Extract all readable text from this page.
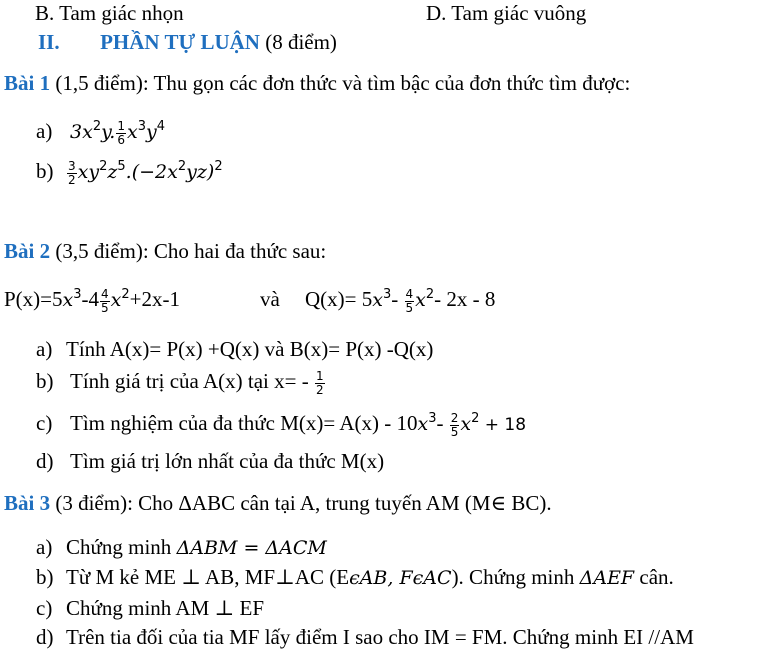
B. Tam giác nhọn	D. Tam giác vuông
II. PHẦN TỰ LUẬN (8 điểm)
Bài 1 (1,5 điểm): Thu gọn các đơn thức và tìm bậc của đơn thức tìm được:
a) $3x^2y$. $\frac{1}{6} x^3y^4$
$b) \frac{3}{2} xy^2z^5.(-2x^2yz)^2$
Bài 2 (3,5 điểm): Cho hai đa thức sau:
$P(x)=5x^3-4 \frac{4}{5} x^2+2x-1$	và $Q(x)= 5x^3- \frac{4}{5} x^2-$ 2x - 8
a) Tính A(x)= P(x) +Q(x) và B(x)= P(x) -Q(x)
b) Tính giá trị của A(x) tại $x= - \frac{1}{2}$
c) Tìm nghiệm của đa thức $M(x)= A(x) - 10x^3- \frac{2}{5} x^2 + 18$
d) Tìm giá trị lớn nhất của đa thức M(x)
Bài 3 (3 điểm): Cho ΔABC cân tại A, trung tuyến AM (M∈ BC).
a) Chứng minh ΔABM = ΔACM
b) Từ M kẻ ME ⊥ AB, MF⊥AC (EϵAB, FϵAC). Chứng minh ΔAEF cân.
c) Chứng minh AM ⊥ EF
d) Trên tia đối của tia MF lấy điểm I sao cho IM = FM. Chứng minh EI //AM
